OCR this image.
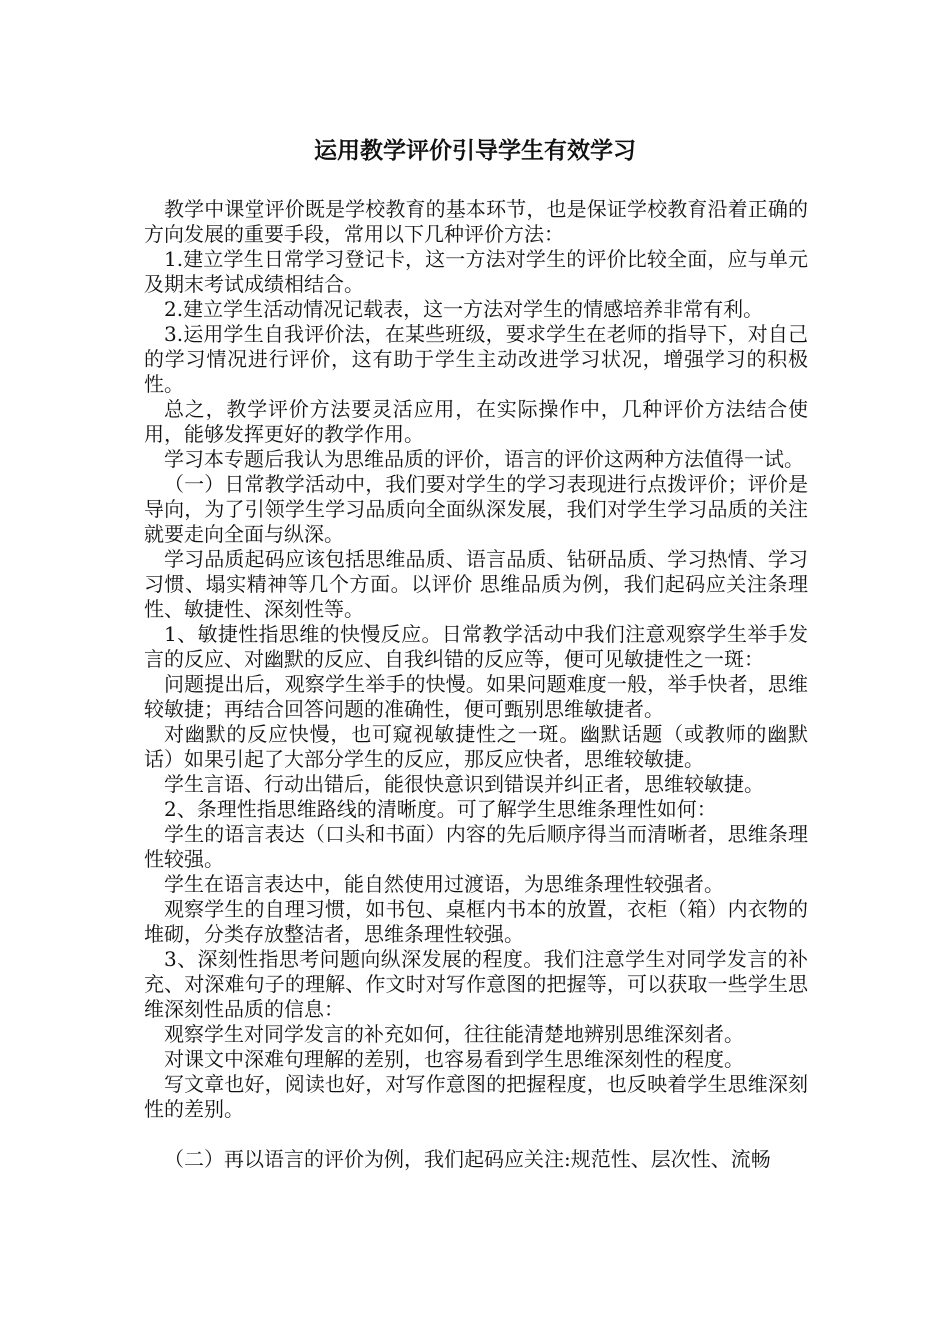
运用教学评价引导学生有效学习

教学中课堂评价既是学校教育的基本环节，也是保证学校教育沿着正确的方向发展的重要手段，常用以下几种评价方法：

1.建立学生日常学习登记卡，这一方法对学生的评价比较全面，应与单元及期末考试成绩相结合。

2.建立学生活动情况记载表，这一方法对学生的情感培养非常有利。

3.运用学生自我评价法，在某些班级，要求学生在老师的指导下，对自己的学习情况进行评价，这有助于学生主动改进学习状况，增强学习的积极性。

总之，教学评价方法要灵活应用，在实际操作中，几种评价方法结合使用，能够发挥更好的教学作用。

学习本专题后我认为思维品质的评价，语言的评价这两种方法值得一试。

（一）日常教学活动中，我们要对学生的学习表现进行点拨评价；评价是导向，为了引领学生学习品质向全面纵深发展，我们对学生学习品质的关注就要走向全面与纵深。

学习品质起码应该包括思维品质、语言品质、钻研品质、学习热情、学习习惯、塌实精神等几个方面。以评价 思维品质为例，我们起码应关注条理性、敏捷性、深刻性等。

1、敏捷性指思维的快慢反应。日常教学活动中我们注意观察学生举手发言的反应、对幽默的反应、自我纠错的反应等，便可见敏捷性之一斑：

问题提出后，观察学生举手的快慢。如果问题难度一般，举手快者，思维较敏捷；再结合回答问题的准确性，便可甄别思维敏捷者。

对幽默的反应快慢，也可窥视敏捷性之一斑。幽默话题（或教师的幽默话）如果引起了大部分学生的反应，那反应快者，思维较敏捷。

学生言语、行动出错后，能很快意识到错误并纠正者，思维较敏捷。

2、条理性指思维路线的清晰度。可了解学生思维条理性如何：

学生的语言表达（口头和书面）内容的先后顺序得当而清晰者，思维条理性较强。

学生在语言表达中，能自然使用过渡语，为思维条理性较强者。

观察学生的自理习惯，如书包、桌框内书本的放置，衣柜（箱）内衣物的堆砌，分类存放整洁者，思维条理性较强。

3、深刻性指思考问题向纵深发展的程度。我们注意学生对同学发言的补充、对深难句子的理解、作文时对写作意图的把握等，可以获取一些学生思维深刻性品质的信息：

观察学生对同学发言的补充如何，往往能清楚地辨别思维深刻者。

对课文中深难句理解的差别，也容易看到学生思维深刻性的程度。

写文章也好，阅读也好，对写作意图的把握程度，也反映着学生思维深刻性的差别。

（二）再以语言的评价为例，我们起码应关注:规范性、层次性、流畅
